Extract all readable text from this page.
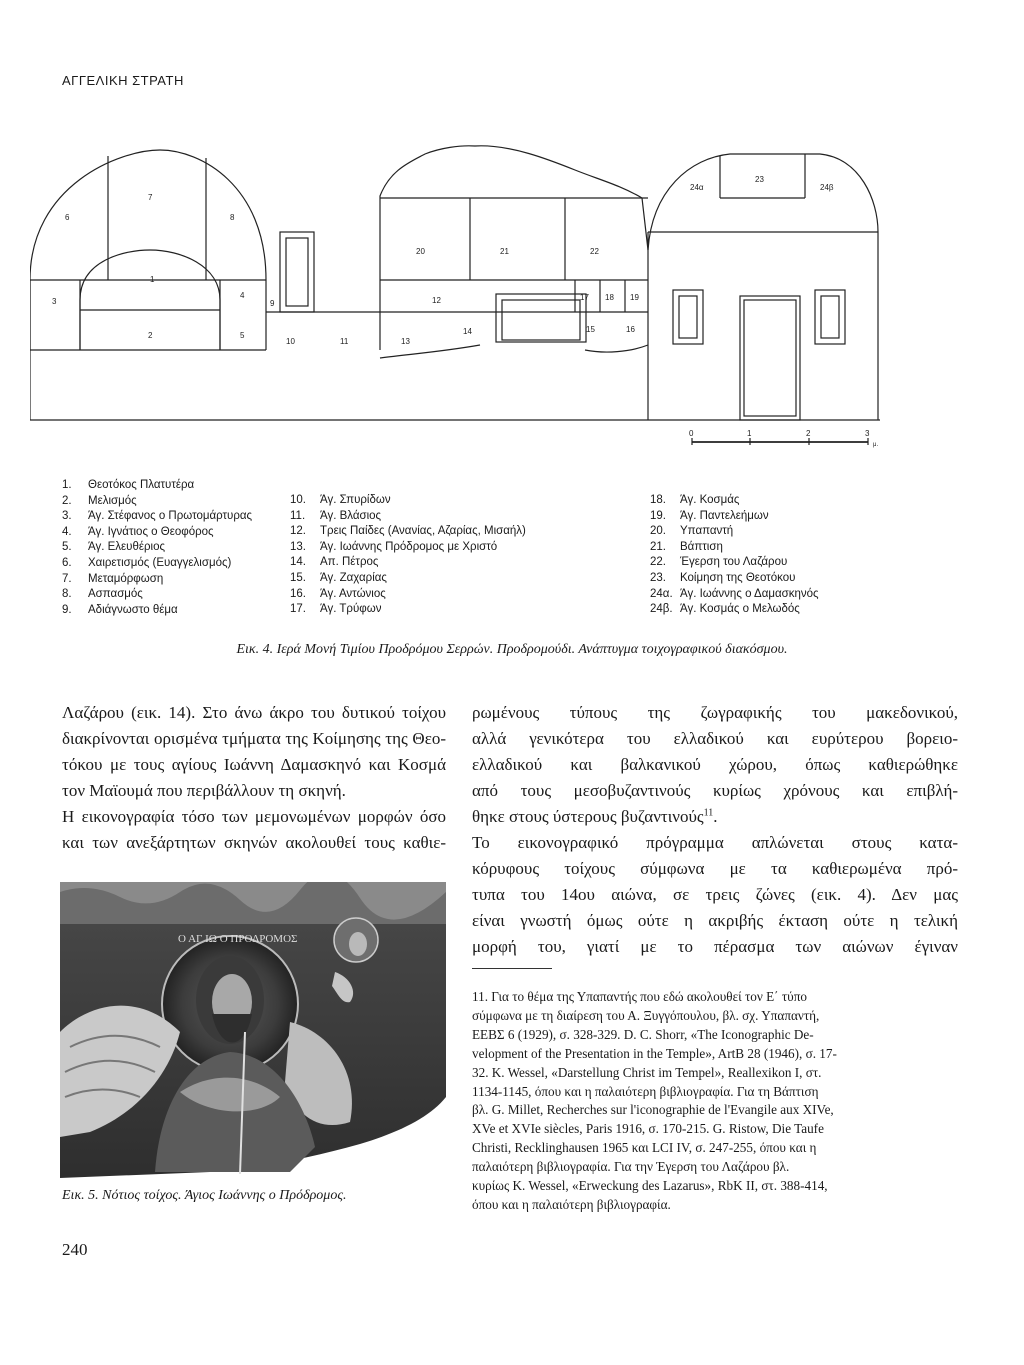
ΑΓΓΕΛΙΚΗ ΣΤΡΑΤΗ
1
2
3
4
5
6
7
8
9
10	11
12
13
14	15	16
17 18 19
20	21	22
23
24α	24β
0	1	2	3
μ.
1.	Θεοτόκος Πλατυτέρα
2.	Μελισμός
3.	Άγ. Στέφανος ο Πρωτομάρτυρας
4.	Άγ. Ιγνάτιος ο Θεοφόρος
5.	Άγ. Ελευθέριος
6.	Χαιρετισμός (Ευαγγελισμός)
7.	Μεταμόρφωση
8.	Ασπασμός
9.	Αδιάγνωστο θέμα
10.	Άγ. Σπυρίδων
11.	Άγ. Βλάσιος
12.	Τρεις Παίδες (Ανανίας, Αζαρίας, Μισαήλ)
13.	Άγ. Ιωάννης Πρόδρομος με Χριστό
14.	Απ. Πέτρος
15.	Άγ. Ζαχαρίας
16.	Άγ. Αντώνιος
17.	Άγ. Τρύφων
18.	Άγ. Κοσμάς
19.	Άγ. Παντελεήμων
20.	Υπαπαντή
21.	Βάπτιση
22.	Έγερση του Λαζάρου
23.	Κοίμηση της Θεοτόκου
24α. Άγ. Ιωάννης ο Δαμασκηνός
24β. Άγ. Κοσμάς ο Μελωδός
Εικ. 4. Ιερά Μονή Τιμίου Προδρόμου Σερρών. Προδρομούδι. Ανάπτυγμα τοιχογραφικού διακόσμου.

Λαζάρου (εικ. 14). Στο άνω άκρο του δυτικού τοίχου

διακρίνονται ορισμένα τμήματα της Κοίμησης της Θεο-

τόκου με τους αγίους Ιωάννη Δαμασκηνό και Κοσμά

τον Μαϊουμά που περιβάλλουν τη σκηνή.

Η εικονογραφία τόσο των μεμονωμένων μορφών όσο

και των ανεξάρτητων σκηνών ακολουθεί τους καθιε-

ρωμένους τύπους της ζωγραφικής του μακεδονικού,

αλλά γενικότερα του ελλαδικού και ευρύτερου βορειο-

ελλαδικού και βαλκανικού χώρου, όπως καθιερώθηκε

από τους μεσοβυζαντινούς κυρίως χρόνους και επιβλή-

θηκε στους ύστερους βυζαντινούς$^{11}$.

Το εικονογραφικό πρόγραμμα απλώνεται στους κατα-

κόρυφους τοίχους σύμφωνα με τα καθιερωμένα πρό-

τυπα του 14ου αιώνα, σε τρεις ζώνες (εικ. 4). Δεν μας

είναι γνωστή όμως ούτε η ακριβής έκταση ούτε η τελική

μορφή του, γιατί με το πέρασμα των αιώνων έγιναν

Ο ΑΓ ΙΩ Ο ΠΡΟΔΡΟΜΟΣ
Εικ. 5. Νότιος τοίχος. Άγιος Ιωάννης ο Πρόδρομος.

11. Για το θέμα της Υπαπαντής που εδώ ακολουθεί τον Ε΄ τύπο

σύμφωνα με τη διαίρεση του Α. Ξυγγόπουλου, βλ. σχ. Υπαπαντή,

ΕΕΒΣ 6 (1929), σ. 328-329. D. C. Shorr, «The Iconographic De-

velopment of the Presentation in the Temple», ArtB 28 (1946), σ. 17-

32. K. Wessel, «Darstellung Christ im Tempel», Reallexikon I, στ.

1134-1145, όπου και η παλαιότερη βιβλιογραφία. Για τη Βάπτιση

βλ. G. Millet, Recherches sur l'iconographie de l'Evangile aux XIVe,

XVe et XVIe siècles, Paris 1916, σ. 170-215. G. Ristow, Die Taufe

Christi, Recklinghausen 1965 και LCI IV, σ. 247-255, όπου και η

παλαιότερη βιβλιογραφία. Για την Έγερση του Λαζάρου βλ.

κυρίως K. Wessel, «Erweckung des Lazarus», RbK II, στ. 388-414,

όπου και η παλαιότερη βιβλιογραφία.

240
